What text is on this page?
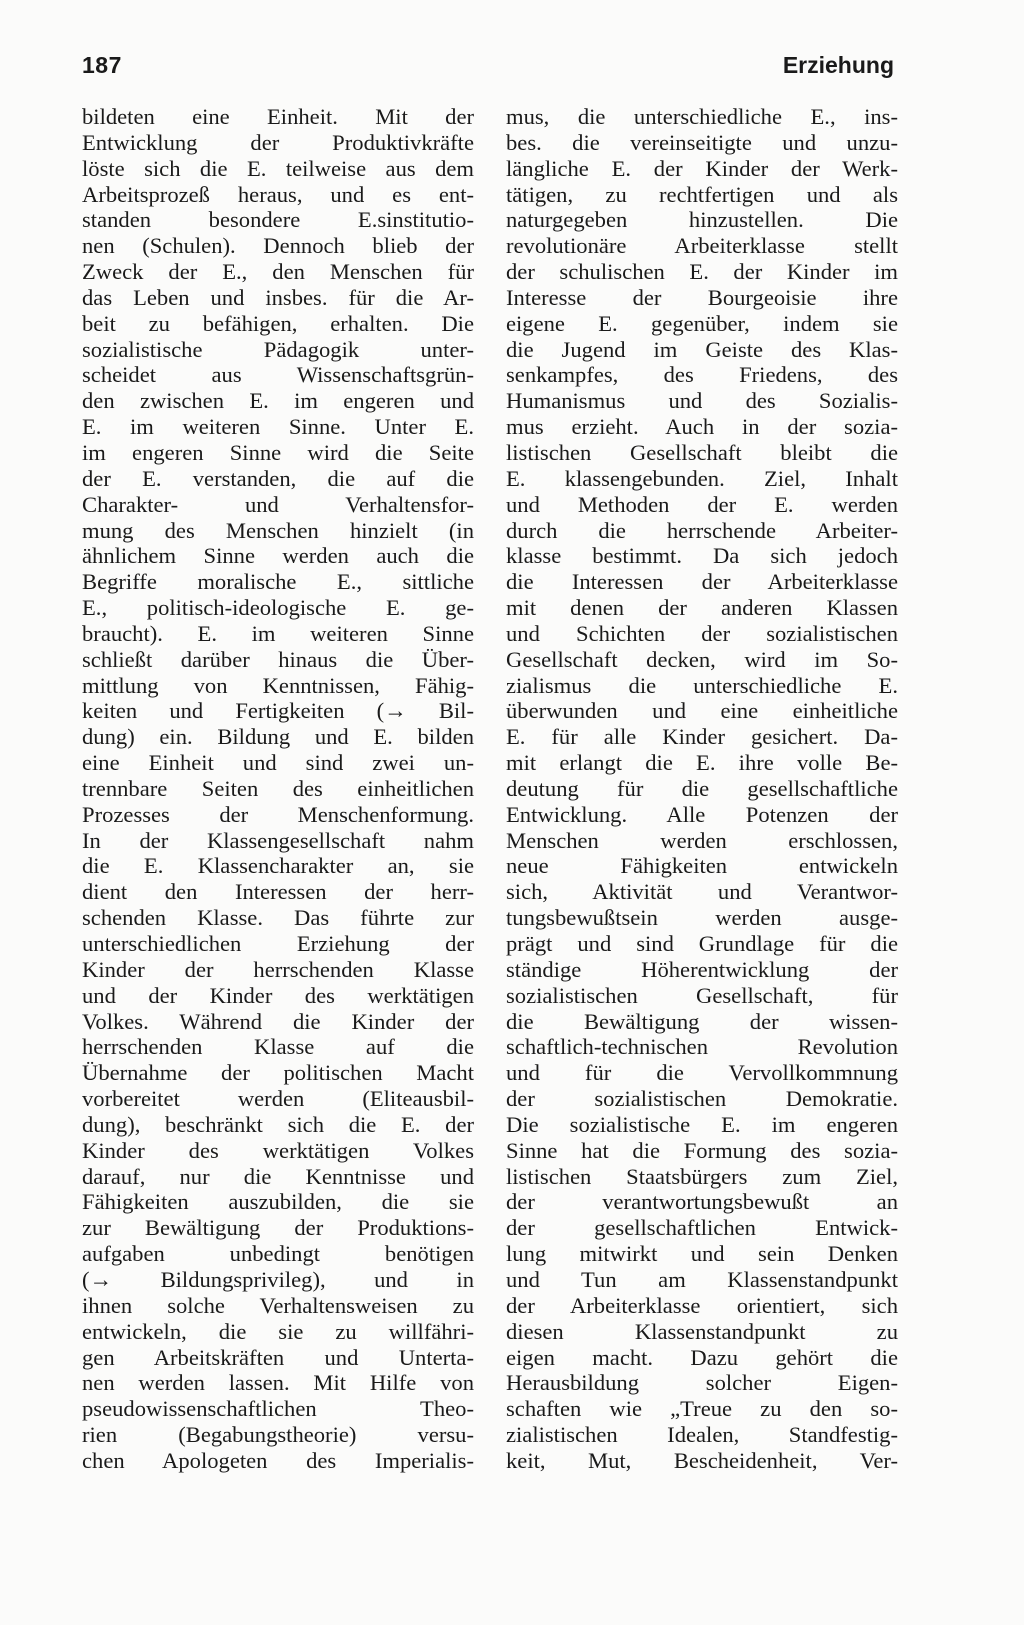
187	Erziehung
bildeten eine Einheit. Mit der
Entwicklung der Produktivkräfte
löste sich die E. teilweise aus dem
Arbeitsprozeß heraus, und es ent-
standen besondere E.sinstitutio-
nen (Schulen). Dennoch blieb der
Zweck der E., den Menschen für
das Leben und insbes. für die Ar-
beit zu befähigen, erhalten. Die
sozialistische Pädagogik unter-
scheidet aus Wissenschaftsgrün-
den zwischen E. im engeren und
E. im weiteren Sinne. Unter E.
im engeren Sinne wird die Seite
der E. verstanden, die auf die
Charakter- und Verhaltensfor-
mung des Menschen hinzielt (in
ähnlichem Sinne werden auch die
Begriffe moralische E., sittliche
E., politisch-ideologische E. ge-
braucht). E. im weiteren Sinne
schließt darüber hinaus die Über-
mittlung von Kenntnissen, Fähig-
keiten und Fertigkeiten (→ Bil-
dung) ein. Bildung und E. bilden
eine Einheit und sind zwei un-
trennbare Seiten des einheitlichen
Prozesses der Menschenformung.
In der Klassengesellschaft nahm
die E. Klassencharakter an, sie
dient den Interessen der herr-
schenden Klasse. Das führte zur
unterschiedlichen Erziehung der
Kinder der herrschenden Klasse
und der Kinder des werktätigen
Volkes. Während die Kinder der
herrschenden Klasse auf die
Übernahme der politischen Macht
vorbereitet werden (Eliteausbil-
dung), beschränkt sich die E. der
Kinder des werktätigen Volkes
darauf, nur die Kenntnisse und
Fähigkeiten auszubilden, die sie
zur Bewältigung der Produktions-
aufgaben unbedingt benötigen
(→ Bildungsprivileg), und in
ihnen solche Verhaltensweisen zu
entwickeln, die sie zu willfähri-
gen Arbeitskräften und Unterta-
nen werden lassen. Mit Hilfe von
pseudowissenschaftlichen Theo-
rien (Begabungstheorie) versu-
chen Apologeten des Imperialis-
mus, die unterschiedliche E., ins-
bes. die vereinseitigte und unzu-
längliche E. der Kinder der Werk-
tätigen, zu rechtfertigen und als
naturgegeben hinzustellen. Die
revolutionäre Arbeiterklasse stellt
der schulischen E. der Kinder im
Interesse der Bourgeoisie ihre
eigene E. gegenüber, indem sie
die Jugend im Geiste des Klas-
senkampfes, des Friedens, des
Humanismus und des Sozialis-
mus erzieht. Auch in der sozia-
listischen Gesellschaft bleibt die
E. klassengebunden. Ziel, Inhalt
und Methoden der E. werden
durch die herrschende Arbeiter-
klasse bestimmt. Da sich jedoch
die Interessen der Arbeiterklasse
mit denen der anderen Klassen
und Schichten der sozialistischen
Gesellschaft decken, wird im So-
zialismus die unterschiedliche E.
überwunden und eine einheitliche
E. für alle Kinder gesichert. Da-
mit erlangt die E. ihre volle Be-
deutung für die gesellschaftliche
Entwicklung. Alle Potenzen der
Menschen werden erschlossen,
neue Fähigkeiten entwickeln
sich, Aktivität und Verantwor-
tungsbewußtsein werden ausge-
prägt und sind Grundlage für die
ständige Höherentwicklung der
sozialistischen Gesellschaft, für
die Bewältigung der wissen-
schaftlich-technischen Revolution
und für die Vervollkommnung
der sozialistischen Demokratie.
Die sozialistische E. im engeren
Sinne hat die Formung des sozia-
listischen Staatsbürgers zum Ziel,
der verantwortungsbewußt an
der gesellschaftlichen Entwick-
lung mitwirkt und sein Denken
und Tun am Klassenstandpunkt
der Arbeiterklasse orientiert, sich
diesen Klassenstandpunkt zu
eigen macht. Dazu gehört die
Herausbildung solcher Eigen-
schaften wie „Treue zu den so-
zialistischen Idealen, Standfestig-
keit, Mut, Bescheidenheit, Ver-
